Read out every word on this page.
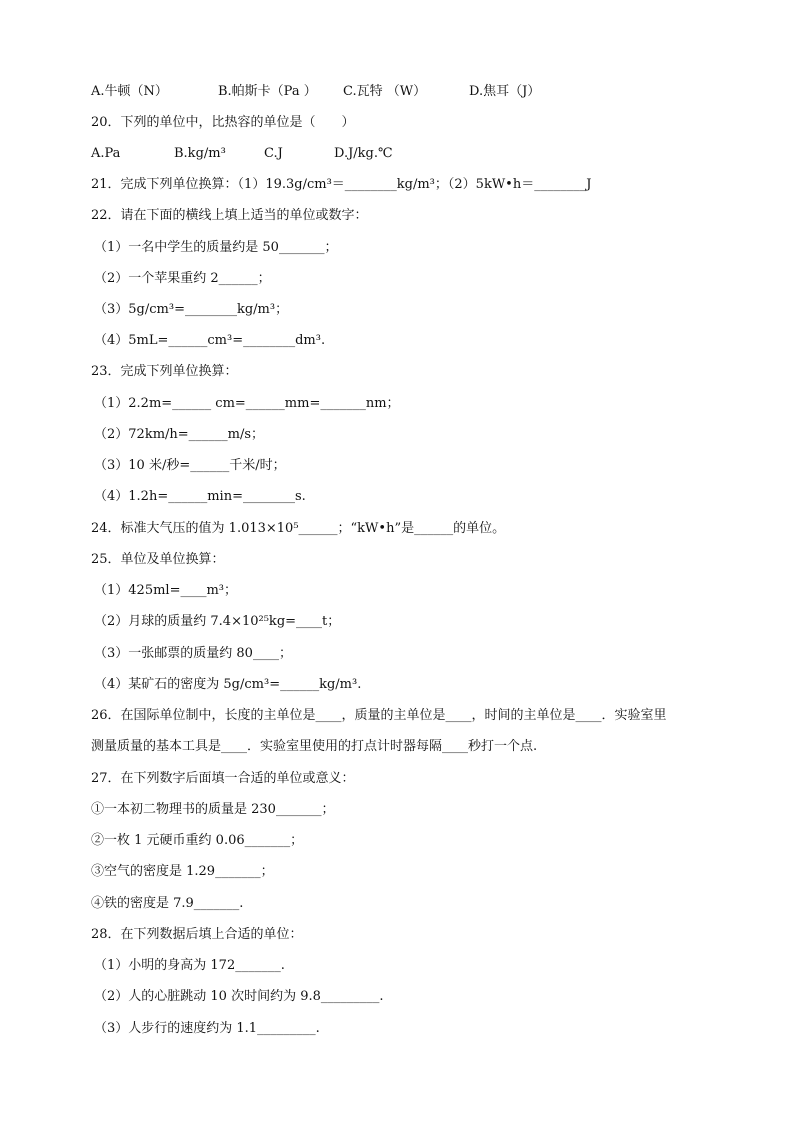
A.牛顿（N）	B.帕斯卡（Pa ） C.瓦特 （W）	D.焦耳（J）
20．下列的单位中，比热容的单位是（　　）
A.Pa	B.kg/m³	C.J	D.J/kg.℃
21．完成下列单位换算：（1）19.3g/cm³＝________kg/m³；（2）5kW•h＝________J
22．请在下面的横线上填上适当的单位或数字：
（1）一名中学生的质量约是 50_______；
（2）一个苹果重约 2______；
（3）5g/cm³=________kg/m³；
（4）5mL=______cm³=________dm³.
23．完成下列单位换算：
（1）2.2m=______ cm=______mm=_______nm；
（2）72km/h=______m/s；
（3）10 米/秒=______千米/时；
（4）1.2h=______min=________s.
24．标准大气压的值为 1.013×10⁵______；“kW•h”是______的单位。
25．单位及单位换算：
（1）425ml=____m³；
（2）月球的质量约 7.4×10²⁵kg=____t；
（3）一张邮票的质量约 80____；
（4）某矿石的密度为 5g/cm³=______kg/m³.
26．在国际单位制中，长度的主单位是____，质量的主单位是____，时间的主单位是____．实验室里
测量质量的基本工具是____．实验室里使用的打点计时器每隔____秒打一个点.
27．在下列数字后面填一合适的单位或意义：
①一本初二物理书的质量是 230_______；
②一枚 1 元硬币重约 0.06_______；
③空气的密度是 1.29_______；
④铁的密度是 7.9_______.
28．在下列数据后填上合适的单位：
（1）小明的身高为 172_______.
（2）人的心脏跳动 10 次时间约为 9.8_________.
（3）人步行的速度约为 1.1_________.
